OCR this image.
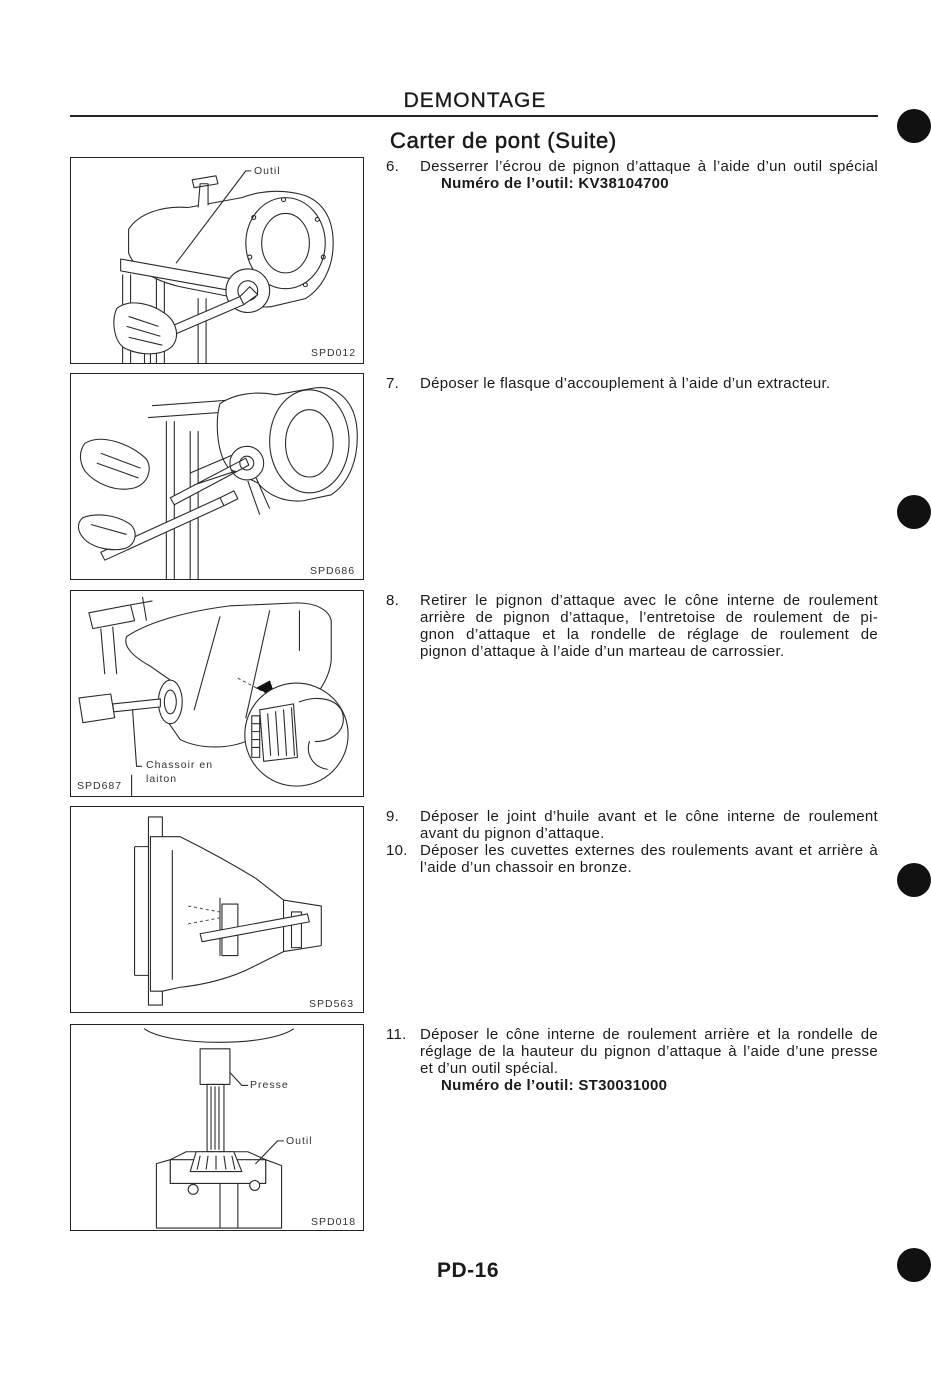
DEMONTAGE
Carter de pont (Suite)
Outil
SPD012
SPD686
Chassoir en
laiton
SPD687
SPD563
Presse
Outil
SPD018
6. Desserrer l’écrou de pignon d’attaque à l’aide d’un outil spécial
Numéro de l’outil: KV38104700
7. Déposer le flasque d’accouplement à l’aide d’un extracteur.
8. Retirer le pignon d’attaque avec le cône interne de roulement
arrière de pignon d’attaque, l’entretoise de roulement de pi-
gnon d’attaque et la rondelle de réglage de roulement de
pignon d’attaque à l’aide d’un marteau de carrossier.
9. Déposer le joint d’huile avant et le cône interne de roulement
avant du pignon d’attaque.
10. Déposer les cuvettes externes des roulements avant et arrière à
l’aide d’un chassoir en bronze.
11. Déposer le cône interne de roulement arrière et la rondelle de
réglage de la hauteur du pignon d’attaque à l’aide d’une presse
et d’un outil spécial.
Numéro de l’outil: ST30031000
PD-16
